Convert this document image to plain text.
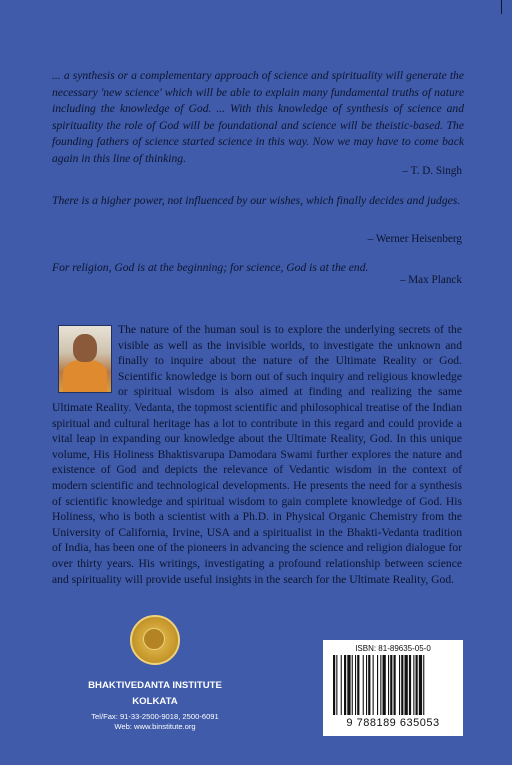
... a synthesis or a complementary approach of science and spirituality will generate the necessary 'new science' which will be able to explain many fundamental truths of nature including the knowledge of God. ... With this knowledge of synthesis of science and spirituality the role of God will be foundational and science will be theistic-based. The founding fathers of science started science in this way. Now we may have to come back again in this line of thinking.
– T. D. Singh
There is a higher power, not influenced by our wishes, which finally decides and judges.
– Werner Heisenberg
For religion, God is at the beginning; for science, God is at the end.
– Max Planck
The nature of the human soul is to explore the underlying secrets of the visible as well as the invisible worlds, to investigate the unknown and finally to inquire about the nature of the Ultimate Reality or God. Scientific knowledge is born out of such inquiry and religious knowledge or spiritual wisdom is also aimed at finding and realizing the same Ultimate Reality. Vedanta, the topmost scientific and philosophical treatise of the Indian spiritual and cultural heritage has a lot to contribute in this regard and could provide a vital leap in expanding our knowledge about the Ultimate Reality, God. In this unique volume, His Holiness Bhaktisvarupa Damodara Swami further explores the nature and existence of God and depicts the relevance of Vedantic wisdom in the context of modern scientific and technological developments. He presents the need for a synthesis of scientific knowledge and spiritual wisdom to gain complete knowledge of God. His Holiness, who is both a scientist with a Ph.D. in Physical Organic Chemistry from the University of California, Irvine, USA and a spiritualist in the Bhakti-Vedanta tradition of India, has been one of the pioneers in advancing the science and religion dialogue for over thirty years. His writings, investigating a profound relationship between science and spirituality will provide useful insights in the search for the Ultimate Reality, God.
BHAKTIVEDANTA INSTITUTE
KOLKATA
Tel/Fax: 91-33-2500-9018, 2500-6091
Web: www.binstitute.org
ISBN: 81-89635-05-0
9 788189 635053
